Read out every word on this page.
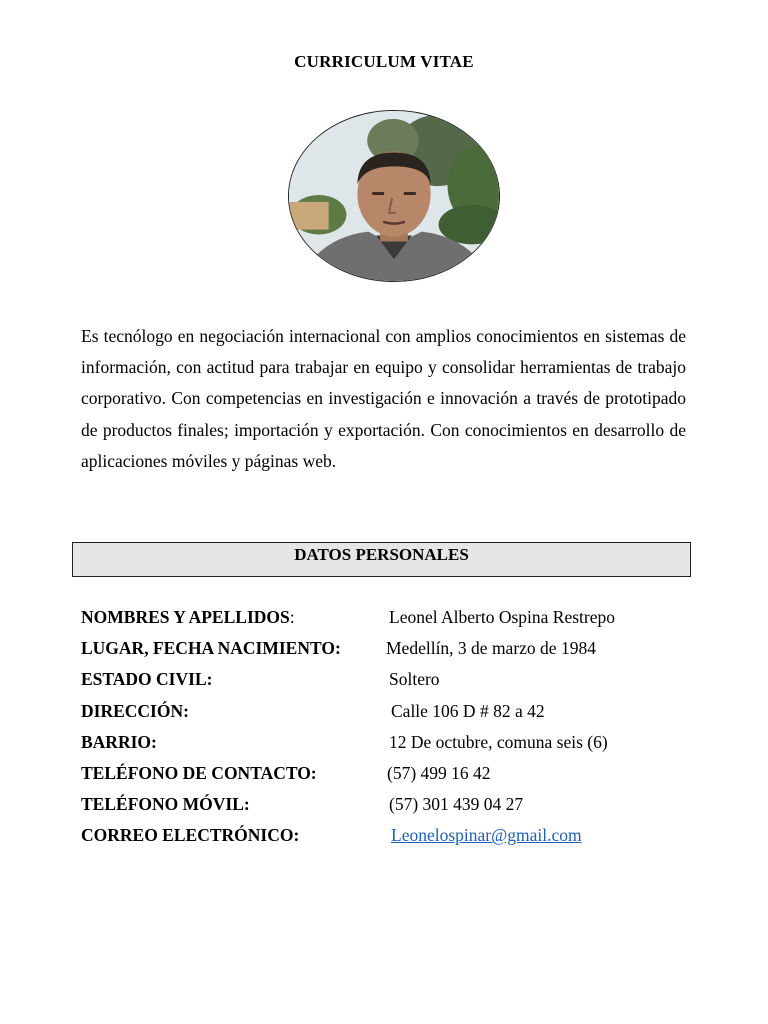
CURRICULUM VITAE

Es tecnólogo en negociación internacional con amplios conocimientos en sistemas de información, con actitud para trabajar en equipo y consolidar herramientas de trabajo corporativo. Con competencias en investigación e innovación a través de prototipado de productos finales; importación y exportación. Con conocimientos en desarrollo de aplicaciones móviles y páginas web.

DATOS PERSONALES
NOMBRES Y APELLIDOS:	Leonel Alberto Ospina Restrepo
LUGAR, FECHA NACIMIENTO:	Medellín, 3 de marzo de 1984
ESTADO CIVIL:	Soltero
DIRECCIÓN:	Calle 106 D # 82 a 42
BARRIO:	12 De octubre, comuna seis (6)
TELÉFONO DE CONTACTO:	(57) 499 16 42
TELÉFONO MÓVIL:	(57) 301 439 04 27
CORREO ELECTRÓNICO:	Leonelospinar@gmail.com
